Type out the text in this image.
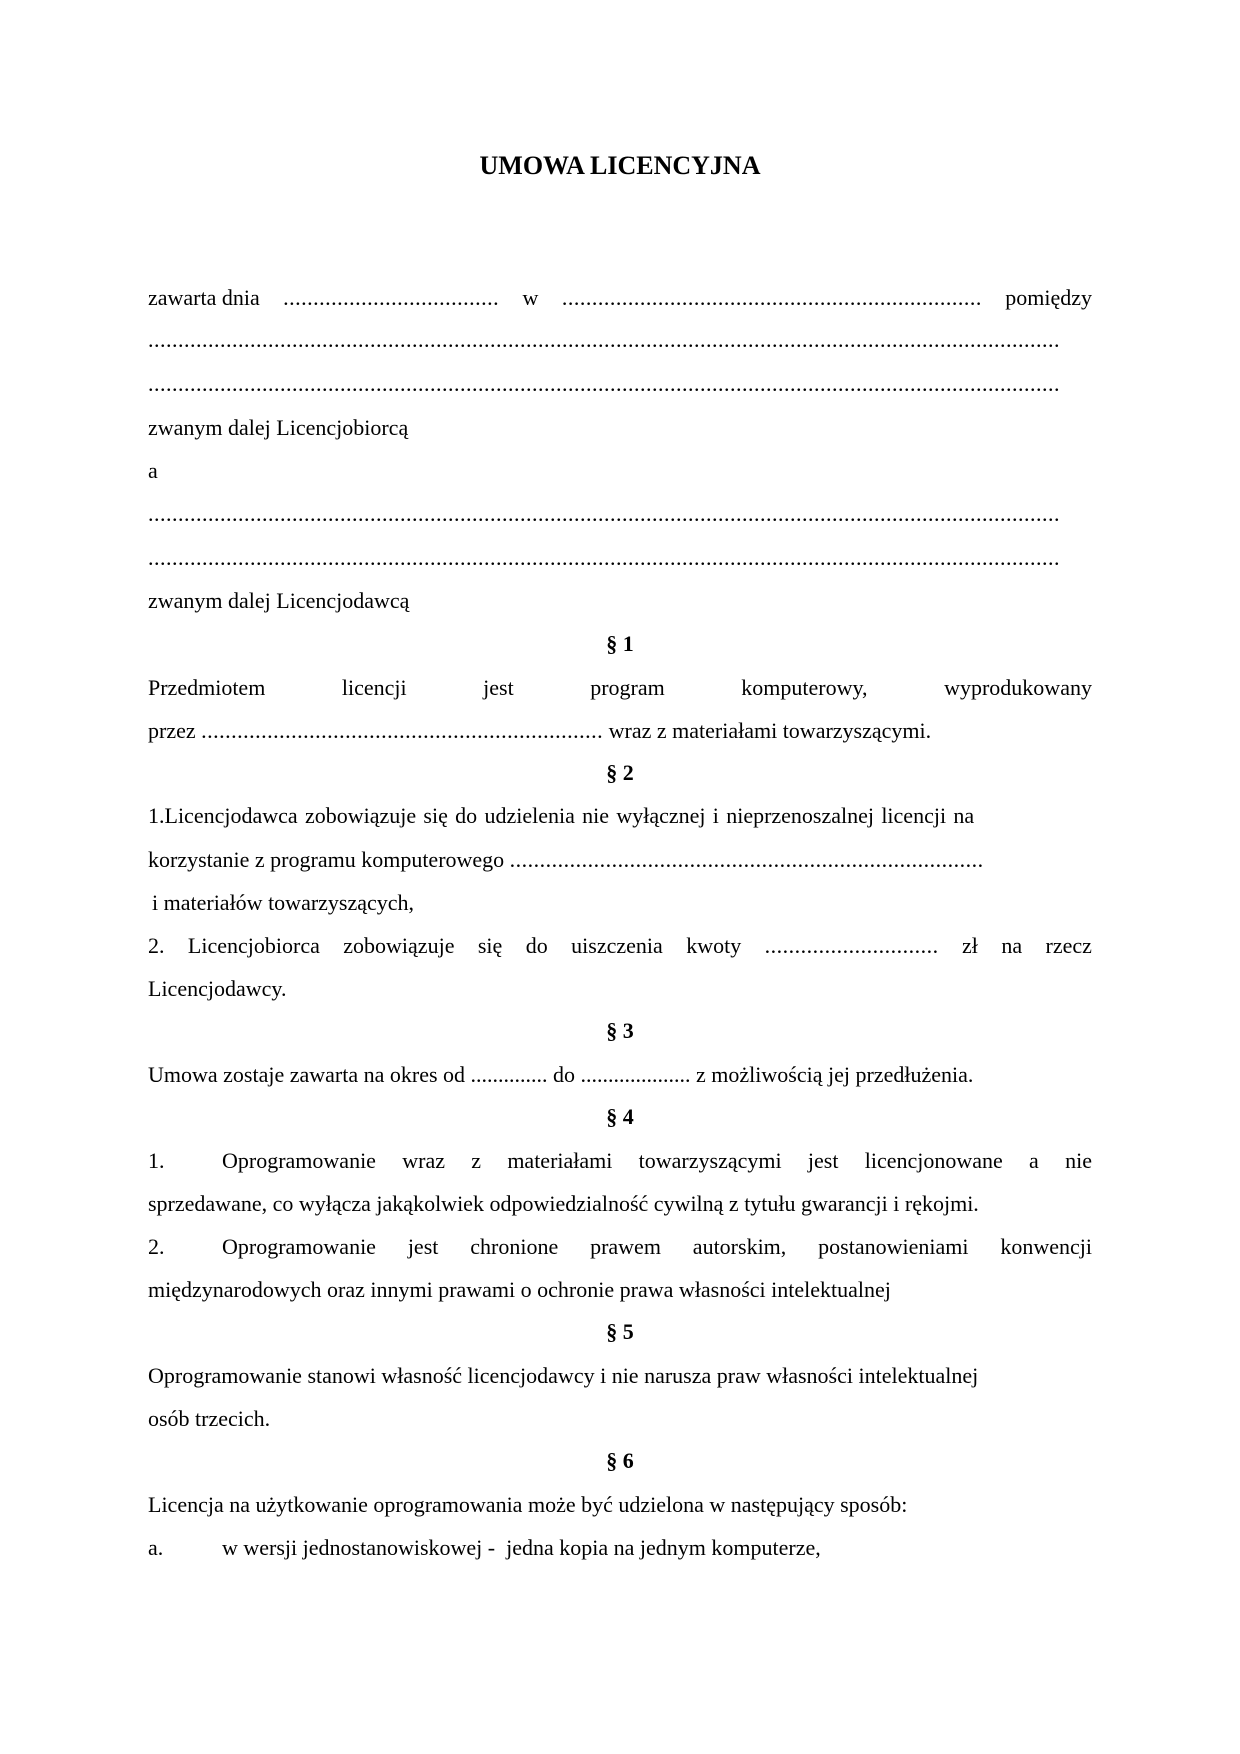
UMOWA LICENCYJNA
zawarta dnia .................................... w ...................................................................... pomiędzy
........................................................................................................................................................
........................................................................................................................................................
zwanym dalej Licencjobiorcą
a
........................................................................................................................................................
........................................................................................................................................................
zwanym dalej Licencjodawcą
§ 1
Przedmiotem	licencji	jest	program	komputerowy,	wyprodukowany
przez ................................................................... wraz z materiałami towarzyszącymi.
§ 2
1.Licencjodawca zobowiązuje się do udzielenia nie wyłącznej i nieprzenoszalnej licencji na
korzystanie z programu komputerowego ...............................................................................
i materiałów towarzyszących,
2. Licencjobiorca zobowiązuje się do uiszczenia kwoty ............................. zł na rzecz
Licencjodawcy.
§ 3
Umowa zostaje zawarta na okres od .............. do .................... z możliwością jej przedłużenia.
§ 4
1.	Oprogramowanie wraz z materiałami towarzyszącymi jest licencjonowane a nie
sprzedawane, co wyłącza jakąkolwiek odpowiedzialność cywilną z tytułu gwarancji i rękojmi.
2.	Oprogramowanie jest chronione prawem autorskim, postanowieniami konwencji
międzynarodowych oraz innymi prawami o ochronie prawa własności intelektualnej
§ 5
Oprogramowanie stanowi własność licencjodawcy i nie narusza praw własności intelektualnej
osób trzecich.
§ 6
Licencja na użytkowanie oprogramowania może być udzielona w następujący sposób:
a.	w wersji jednostanowiskowej -  jedna kopia na jednym komputerze,
